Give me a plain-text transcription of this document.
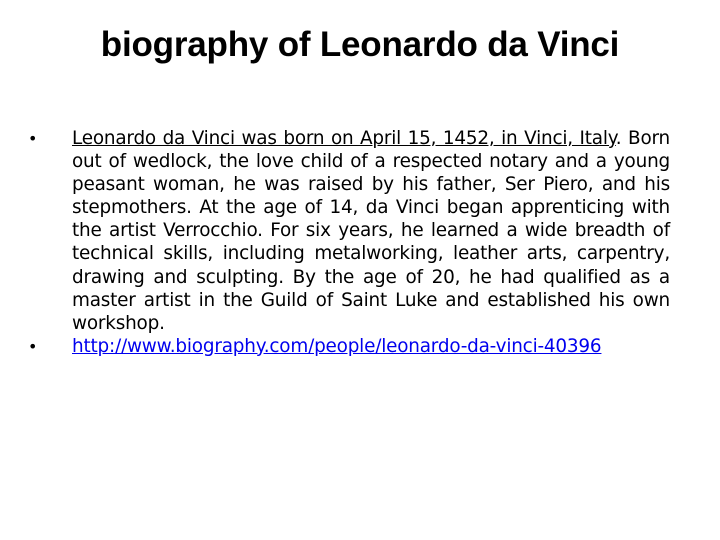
biography of Leonardo da Vinci
•	Leonardo da Vinci was born on April 15, 1452, in Vinci, Italy. Born out of wedlock, the love child of a respected notary and a young peasant woman, he was raised by his father, Ser Piero, and his stepmothers. At the age of 14, da Vinci began apprenticing with the artist Verrocchio. For six years, he learned a wide breadth of technical skills, including metalworking, leather arts, carpentry, drawing and sculpting. By the age of 20, he had qualified as a master artist in the Guild of Saint Luke and established his own workshop.
•	http://www.biography.com/people/leonardo-da-vinci-40396
